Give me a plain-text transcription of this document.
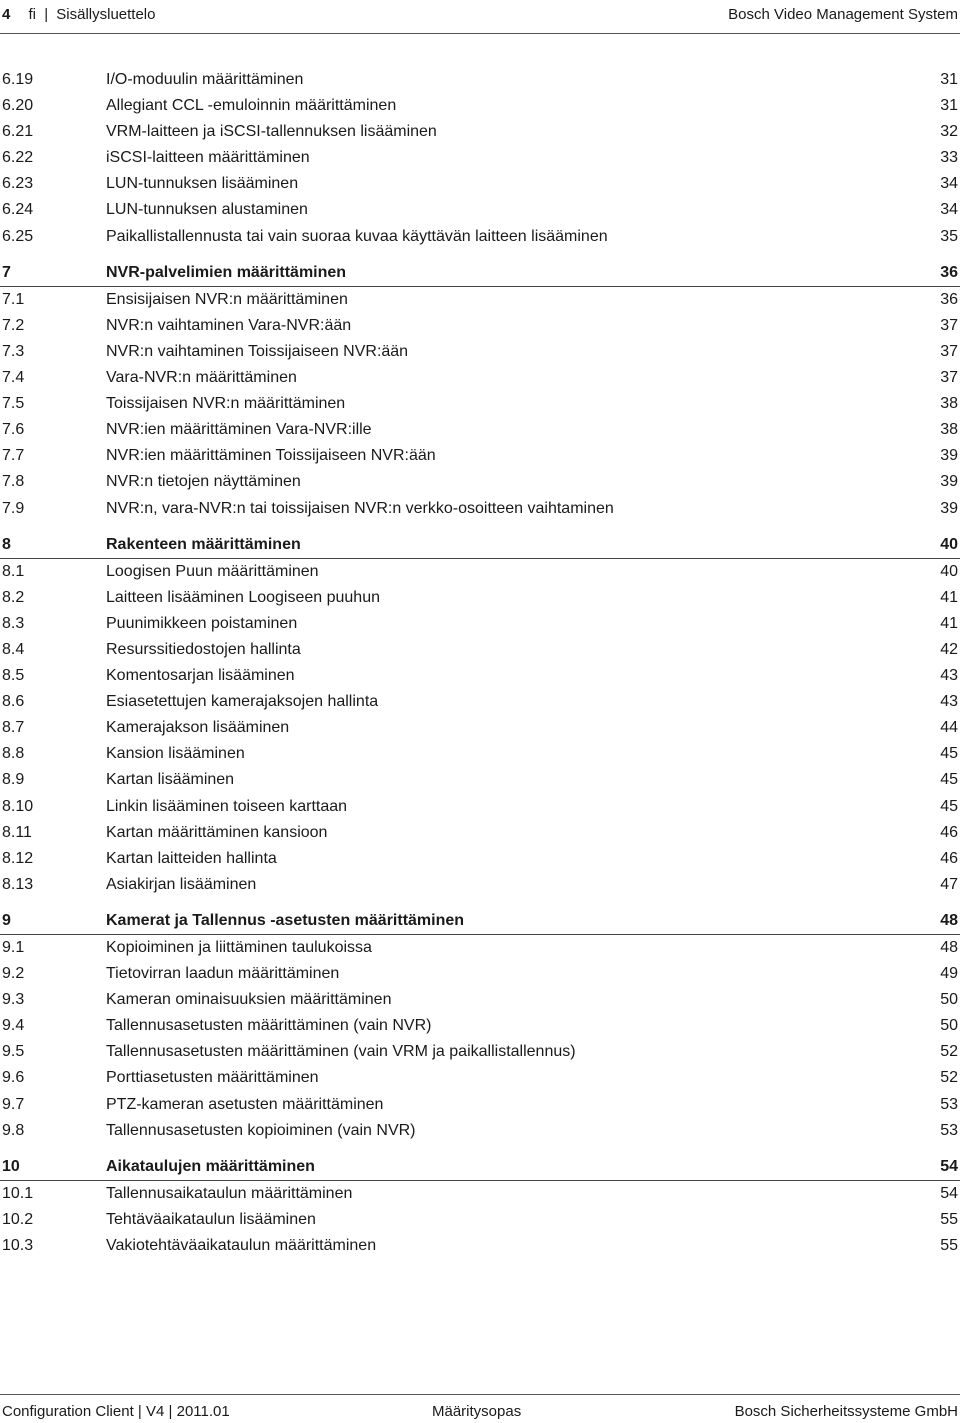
4 fi | Sisällysluettelo	Bosch Video Management System
6.19	I/O-moduulin määrittäminen	31
6.20	Allegiant CCL -emuloinnin määrittäminen	31
6.21	VRM-laitteen ja iSCSI-tallennuksen lisääminen	32
6.22	iSCSI-laitteen määrittäminen	33
6.23	LUN-tunnuksen lisääminen	34
6.24	LUN-tunnuksen alustaminen	34
6.25	Paikallistallennusta tai vain suoraa kuvaa käyttävän laitteen lisääminen	35
7	NVR-palvelimien määrittäminen	36
7.1	Ensisijaisen NVR:n määrittäminen	36
7.2	NVR:n vaihtaminen Vara-NVR:ään	37
7.3	NVR:n vaihtaminen Toissijaiseen NVR:ään	37
7.4	Vara-NVR:n määrittäminen	37
7.5	Toissijaisen NVR:n määrittäminen	38
7.6	NVR:ien määrittäminen Vara-NVR:ille	38
7.7	NVR:ien määrittäminen Toissijaiseen NVR:ään	39
7.8	NVR:n tietojen näyttäminen	39
7.9	NVR:n, vara-NVR:n tai toissijaisen NVR:n verkko-osoitteen vaihtaminen	39
8	Rakenteen määrittäminen	40
8.1	Loogisen Puun määrittäminen	40
8.2	Laitteen lisääminen Loogiseen puuhun	41
8.3	Puunimikkeen poistaminen	41
8.4	Resurssitiedostojen hallinta	42
8.5	Komentosarjan lisääminen	43
8.6	Esiasetettujen kamerajaksojen hallinta	43
8.7	Kamerajakson lisääminen	44
8.8	Kansion lisääminen	45
8.9	Kartan lisääminen	45
8.10	Linkin lisääminen toiseen karttaan	45
8.11	Kartan määrittäminen kansioon	46
8.12	Kartan laitteiden hallinta	46
8.13	Asiakirjan lisääminen	47
9	Kamerat ja Tallennus -asetusten määrittäminen	48
9.1	Kopioiminen ja liittäminen taulukoissa	48
9.2	Tietovirran laadun määrittäminen	49
9.3	Kameran ominaisuuksien määrittäminen	50
9.4	Tallennusasetusten määrittäminen (vain NVR)	50
9.5	Tallennusasetusten määrittäminen (vain VRM ja paikallistallennus)	52
9.6	Porttiasetusten määrittäminen	52
9.7	PTZ-kameran asetusten määrittäminen	53
9.8	Tallennusasetusten kopioiminen (vain NVR)	53
10	Aikataulujen määrittäminen	54
10.1	Tallennusaikataulun määrittäminen	54
10.2	Tehtäväaikataulun lisääminen	55
10.3	Vakiotehtäväaikataulun määrittäminen	55
Configuration Client | V4 | 2011.01	Määritysopas	Bosch Sicherheitssysteme GmbH
